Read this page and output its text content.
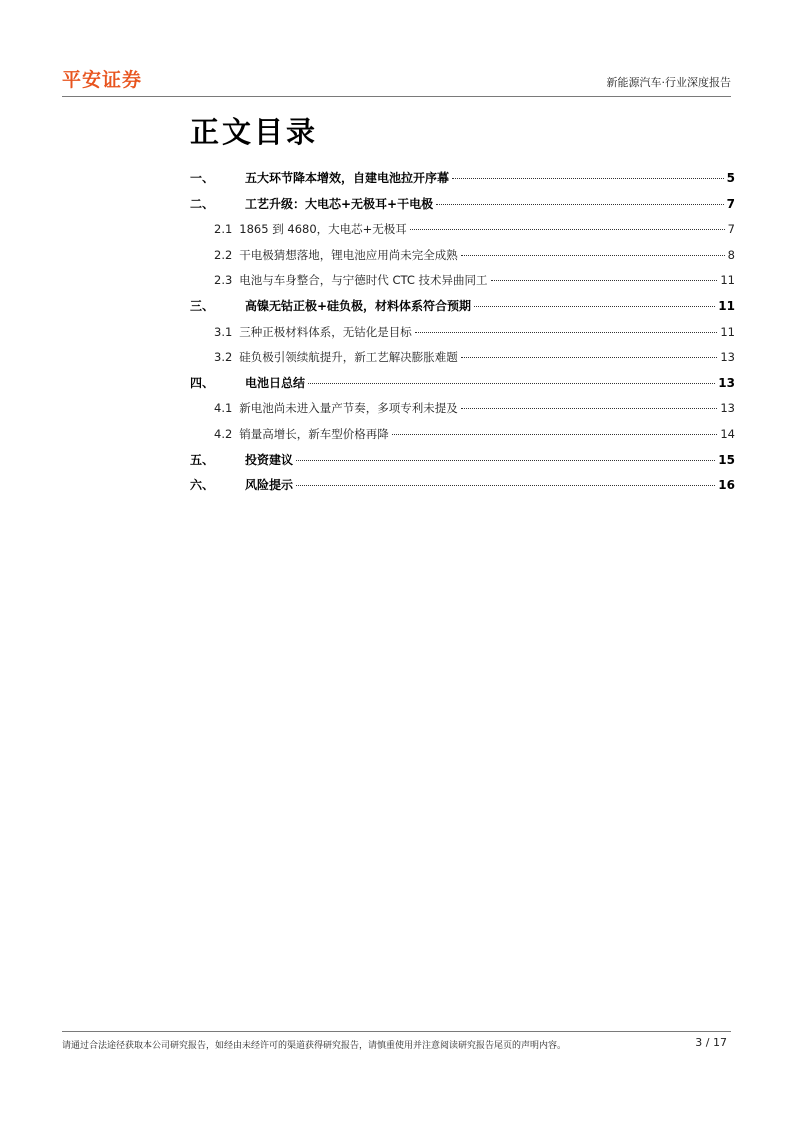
平安证券	新能源汽车·行业深度报告
正文目录
一、	五大环节降本增效，自建电池拉开序幕	5
二、	工艺升级：大电芯+无极耳+干电极	7
2.1 1865 到 4680，大电芯+无极耳	7
2.2 干电极猜想落地，锂电池应用尚未完全成熟	8
2.3 电池与车身整合，与宁德时代 CTC 技术异曲同工	11
三、	高镍无钴正极+硅负极，材料体系符合预期	11
3.1 三种正极材料体系，无钴化是目标	11
3.2 硅负极引领续航提升，新工艺解决膨胀难题	13
四、	电池日总结	13
4.1 新电池尚未进入量产节奏，多项专利未提及	13
4.2 销量高增长，新车型价格再降	14
五、	投资建议	15
六、	风险提示	16
请通过合法途径获取本公司研究报告，如经由未经许可的渠道获得研究报告，请慎重使用并注意阅读研究报告尾页的声明内容。	3 / 17
